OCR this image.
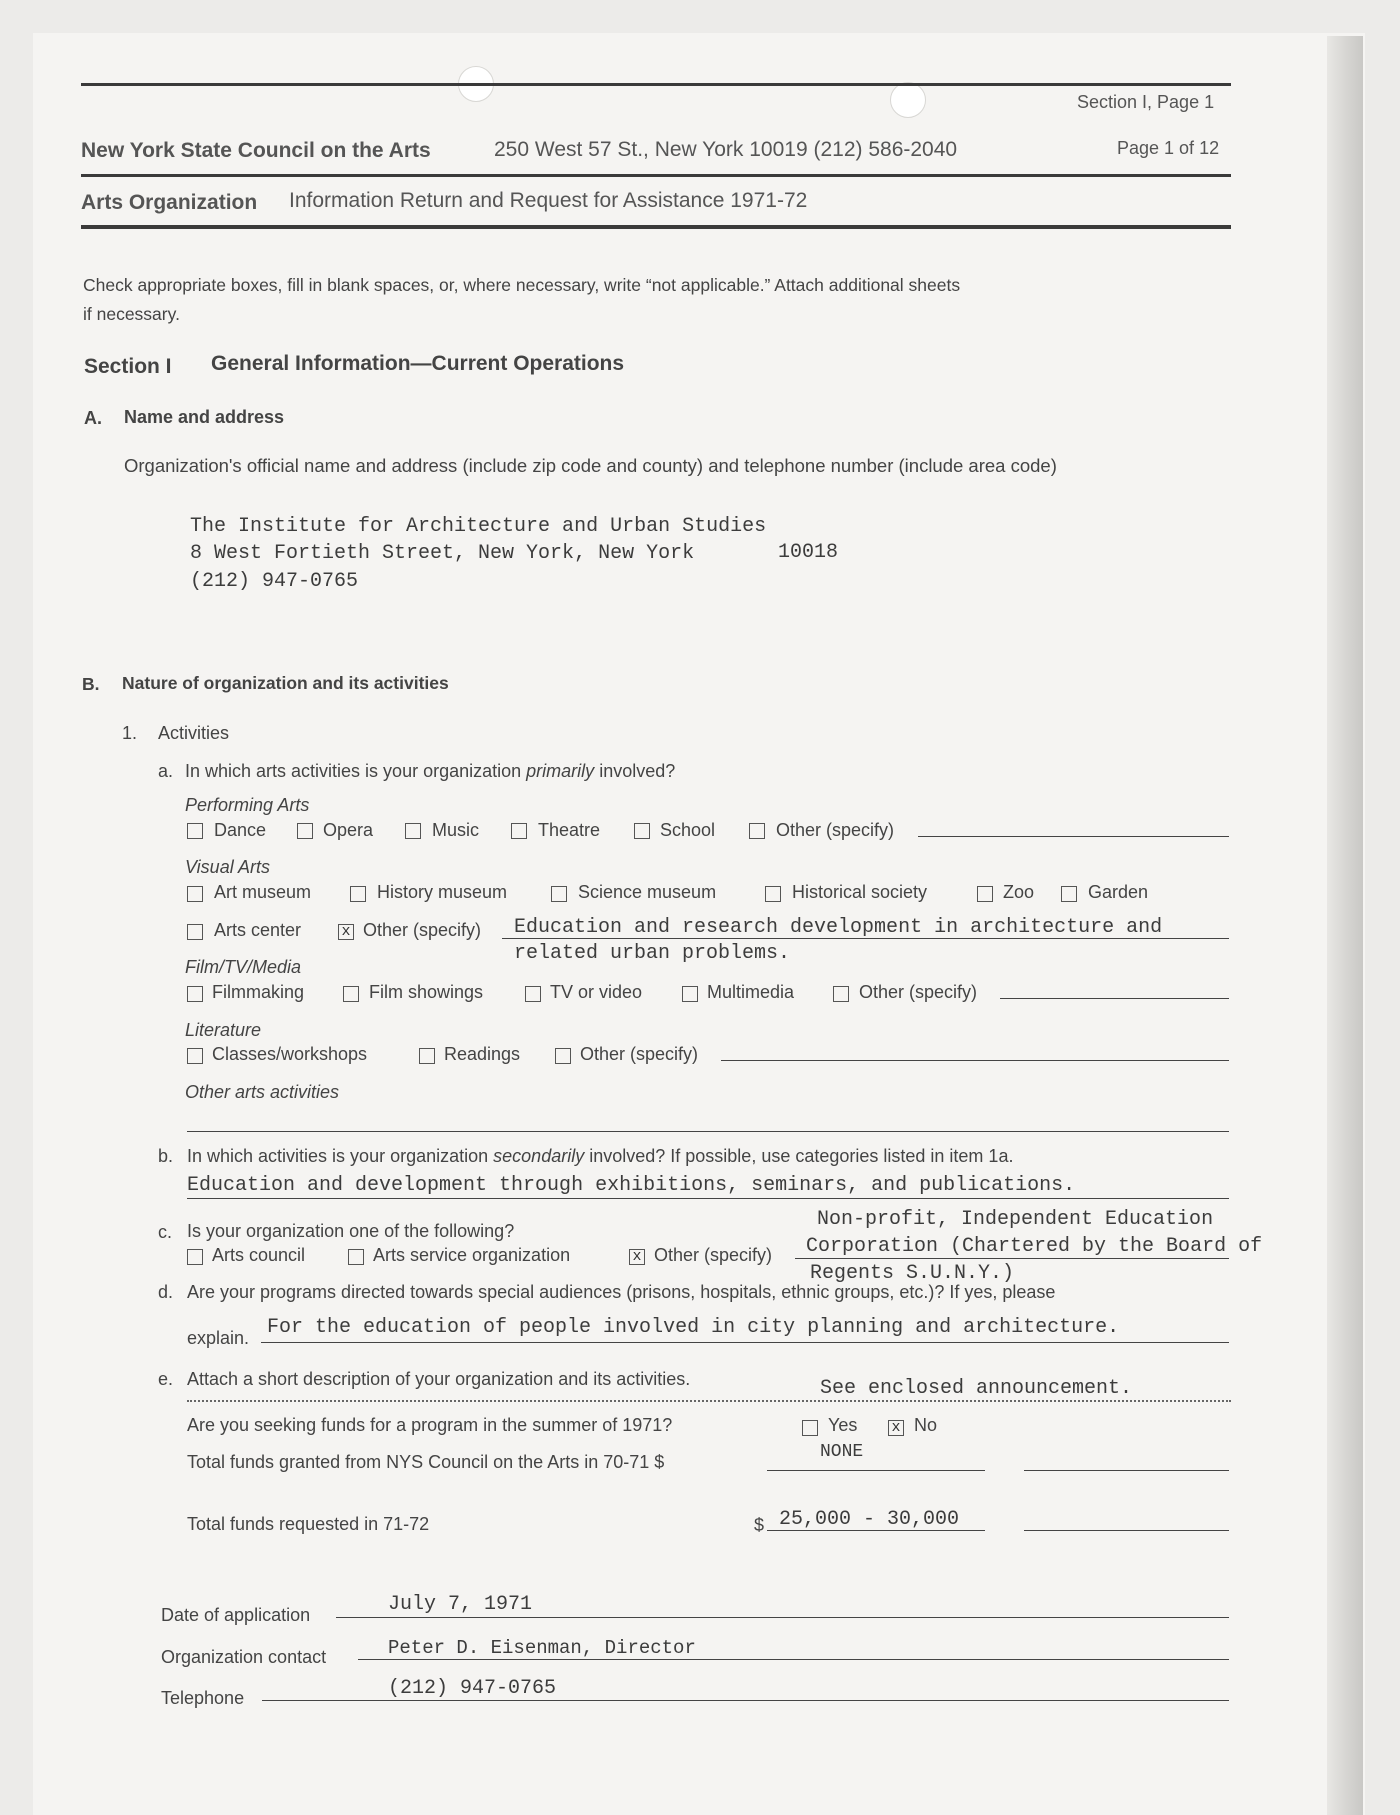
Section I, Page 1
New York State Council on the Arts	250 West 57 St., New York 10019 (212) 586-2040	Page 1 of 12
Arts Organization Information Return and Request for Assistance 1971-72
Check appropriate boxes, fill in blank spaces, or, where necessary, write “not applicable.” Attach additional sheets
if necessary.
Section I General Information—Current Operations
A. Name and address
Organization's official name and address (include zip code and county) and telephone number (include area code)
The Institute for Architecture and Urban Studies
8 West Fortieth Street, New York, New York	10018
(212) 947-0765
B. Nature of organization and its activities
1. Activities
a. In which arts activities is your organization primarily involved?
Performing Arts
Dance	Opera	Music	Theatre	School	Other (specify)
Visual Arts
Art museum	History museum	Science museum	Historical society	Zoo	Garden
Arts center	x Other (specify) Education and research development in architecture and
related urban problems.
Film/TV/Media
Filmmaking	Film showings	TV or video	Multimedia	Other (specify)
Literature
Classes/workshops	Readings	Other (specify)
Other arts activities
b. In which activities is your organization secondarily involved? If possible, use categories listed in item 1a.
Education and development through exhibitions, seminars, and publications.
c. Is your organization one of the following?	Non-profit, Independent Education
Arts council	Arts service organization	x Other (specify) Corporation (Chartered by the Board of
Regents S.U.N.Y.)
d. Are your programs directed towards special audiences (prisons, hospitals, ethnic groups, etc.)? If yes, please
explain. For the education of people involved in city planning and architecture.
e. Attach a short description of your organization and its activities.	See enclosed announcement.
Are you seeking funds for a program in the summer of 1971?	Yes x No
Total funds granted from NYS Council on the Arts in 70-71 $	NONE
Total funds requested in 71-72	$ 25,000 - 30,000
Date of application	July 7, 1971
Organization contact	Peter D. Eisenman, Director
Telephone	(212) 947-0765
